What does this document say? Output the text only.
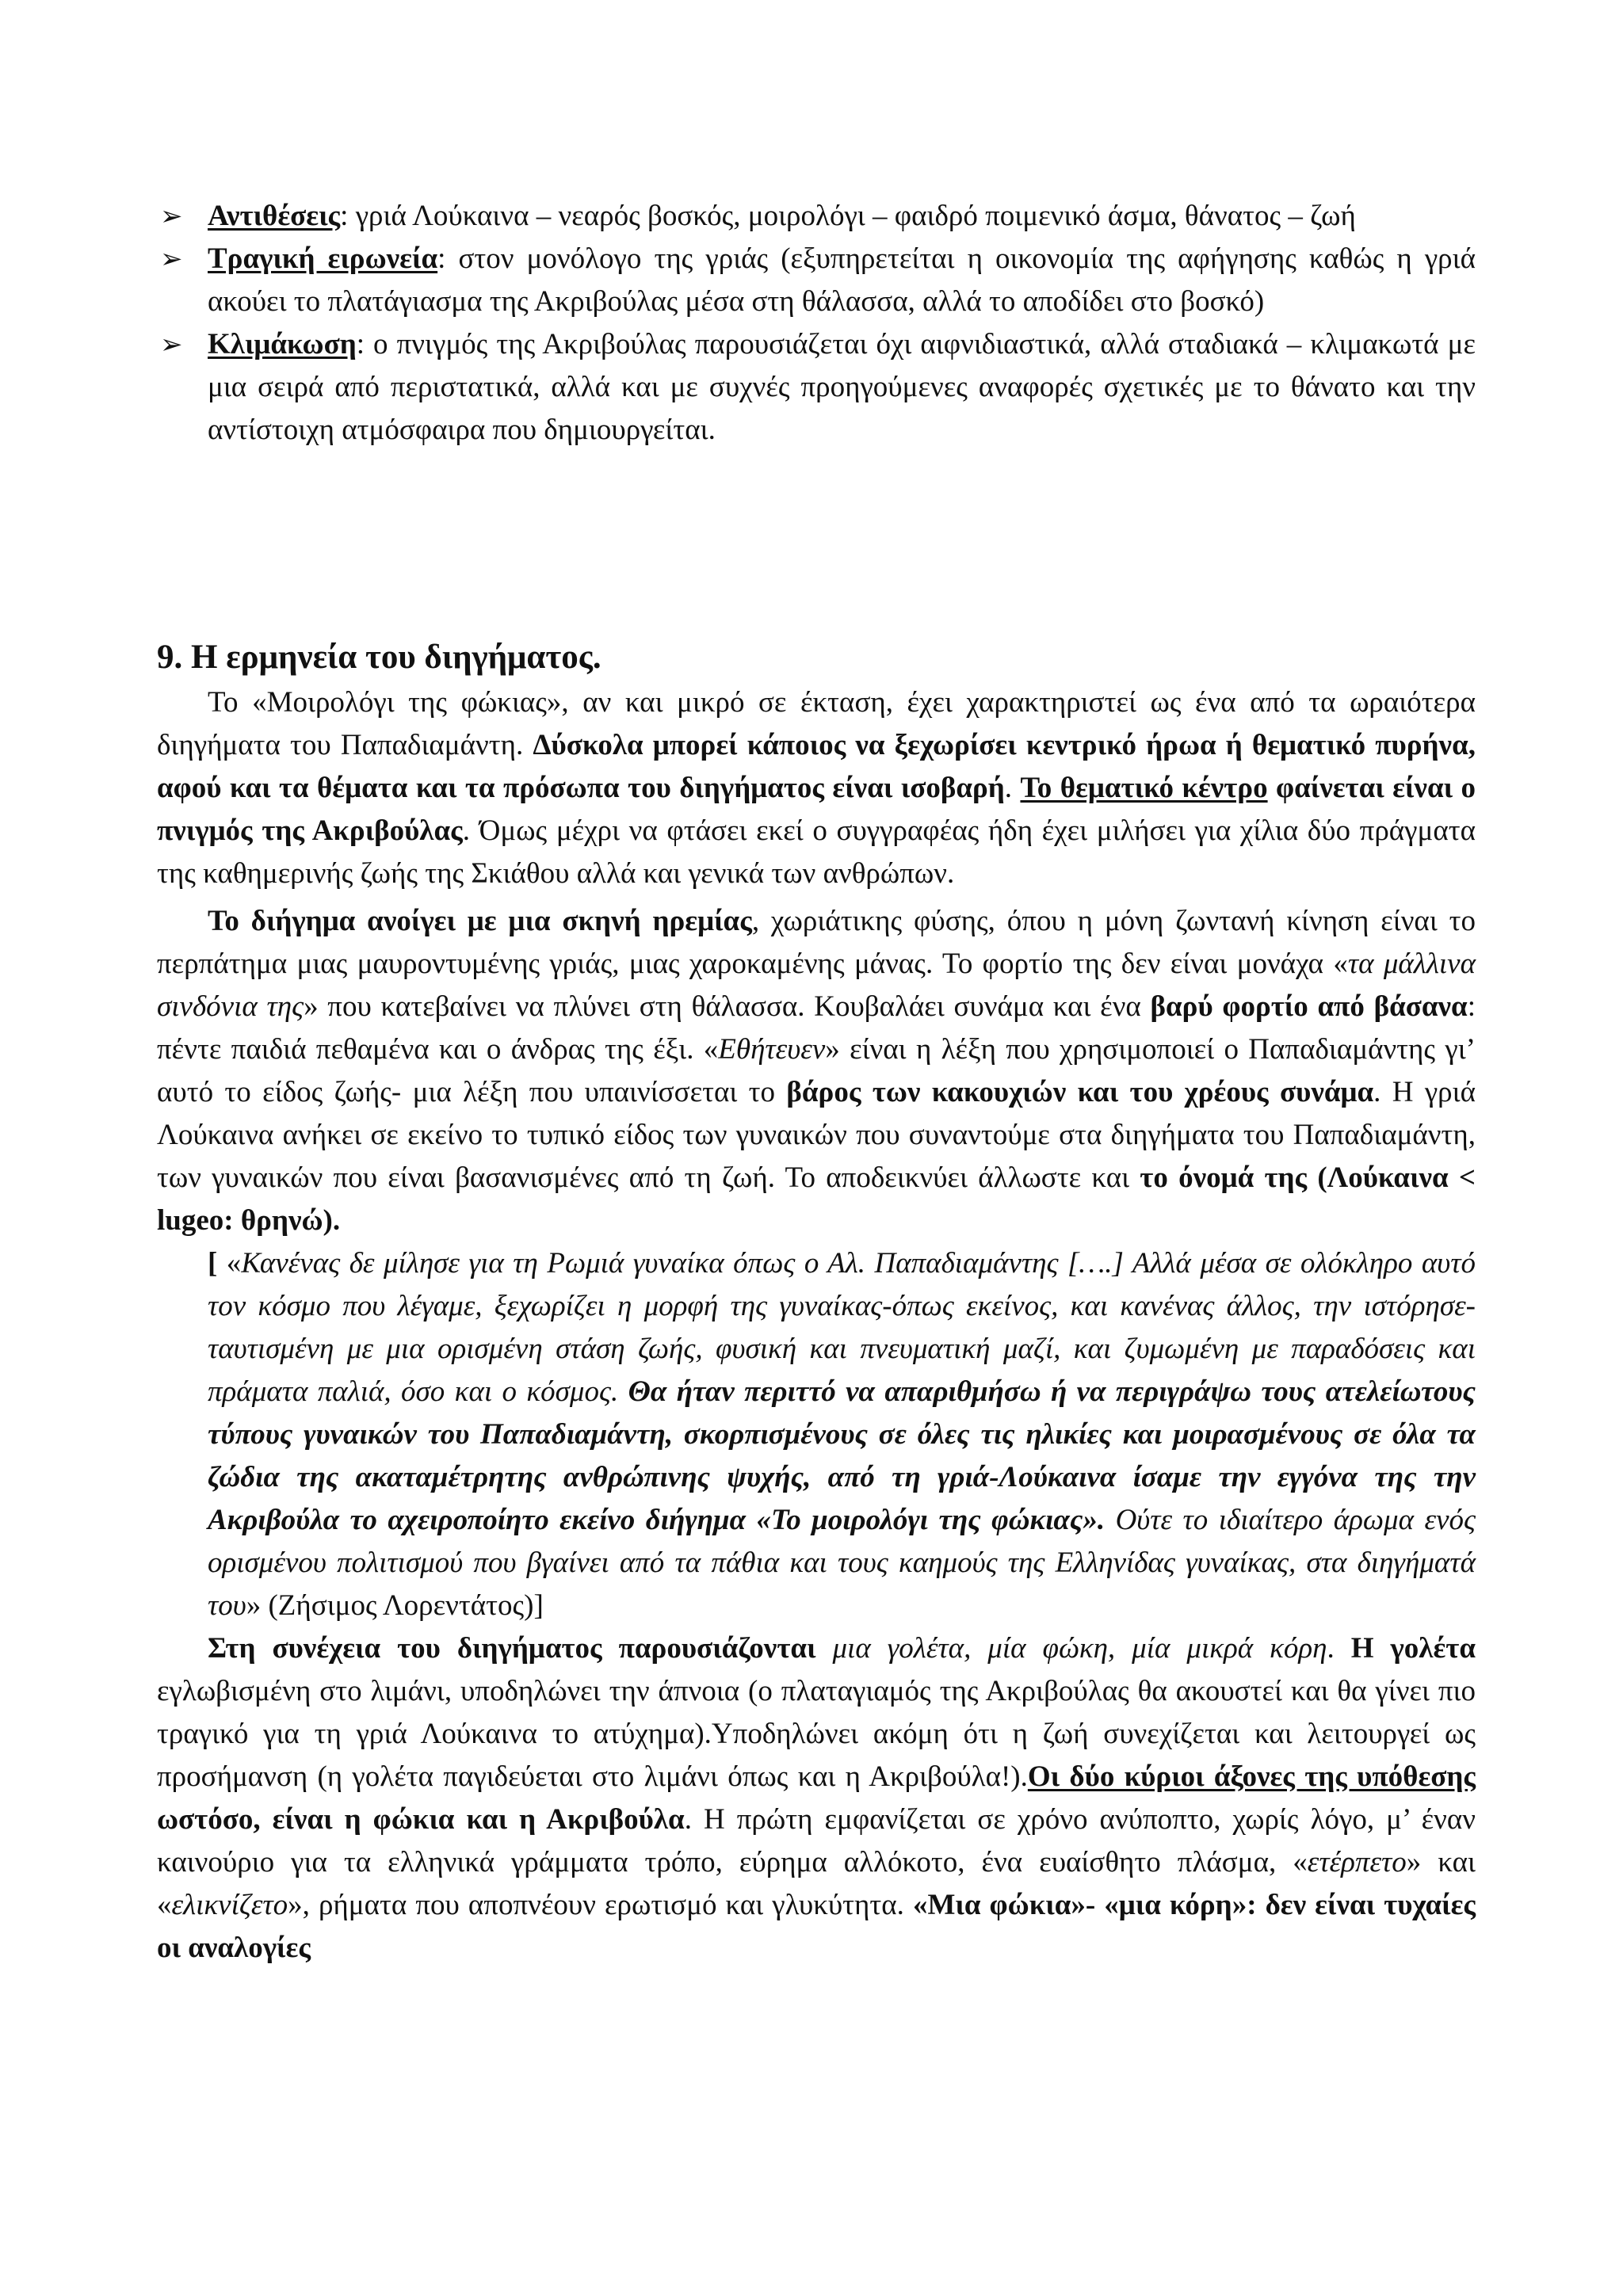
➢ Αντιθέσεις: γριά Λούκαινα – νεαρός βοσκός, μοιρολόγι – φαιδρό ποιμενικό άσμα, θάνατος – ζωή
➢ Τραγική ειρωνεία: στον μονόλογο της γριάς (εξυπηρετείται η οικονομία της αφήγησης καθώς η γριά ακούει το πλατάγιασμα της Ακριβούλας μέσα στη θάλασσα, αλλά το αποδίδει στο βοσκό)
➢ Κλιμάκωση: ο πνιγμός της Ακριβούλας παρουσιάζεται όχι αιφνιδιαστικά, αλλά σταδιακά – κλιμακωτά με μια σειρά από περιστατικά, αλλά και με συχνές προηγούμενες αναφορές σχετικές με το θάνατο και την αντίστοιχη ατμόσφαιρα που δημιουργείται.
9. Η ερμηνεία του διηγήματος.

Το «Μοιρολόγι της φώκιας», αν και μικρό σε έκταση, έχει χαρακτηριστεί ως ένα από τα ωραιότερα διηγήματα του Παπαδιαμάντη. Δύσκολα μπορεί κάποιος να ξεχωρίσει κεντρικό ήρωα ή θεματικό πυρήνα, αφού και τα θέματα και τα πρόσωπα του διηγήματος είναι ισοβαρή. Το θεματικό κέντρο φαίνεται είναι ο πνιγμός της Ακριβούλας. Όμως μέχρι να φτάσει εκεί ο συγγραφέας ήδη έχει μιλήσει για χίλια δύο πράγματα της καθημερινής ζωής της Σκιάθου αλλά και γενικά των ανθρώπων.

Το διήγημα ανοίγει με μια σκηνή ηρεμίας, χωριάτικης φύσης, όπου η μόνη ζωντανή κίνηση είναι το περπάτημα μιας μαυροντυμένης γριάς, μιας χαροκαμένης μάνας. Το φορτίο της δεν είναι μονάχα «τα μάλλινα σινδόνια της» που κατεβαίνει να πλύνει στη θάλασσα. Κουβαλάει συνάμα και ένα βαρύ φορτίο από βάσανα: πέντε παιδιά πεθαμένα και ο άνδρας της έξι. «Εθήτευεν» είναι η λέξη που χρησιμοποιεί ο Παπαδιαμάντης γι’ αυτό το είδος ζωής- μια λέξη που υπαινίσσεται το βάρος των κακουχιών και του χρέους συνάμα. Η γριά Λούκαινα ανήκει σε εκείνο το τυπικό είδος των γυναικών που συναντούμε στα διηγήματα του Παπαδιαμάντη, των γυναικών που είναι βασανισμένες από τη ζωή. Το αποδεικνύει άλλωστε και το όνομά της (Λούκαινα < lugeo: θρηνώ).

[ «Κανένας δε μίλησε για τη Ρωμιά γυναίκα όπως ο Αλ. Παπαδιαμάντης [….] Αλλά μέσα σε ολόκληρο αυτό τον κόσμο που λέγαμε, ξεχωρίζει η μορφή της γυναίκας-όπως εκείνος, και κανένας άλλος, την ιστόρησε-ταυτισμένη με μια ορισμένη στάση ζωής, φυσική και πνευματική μαζί, και ζυμωμένη με παραδόσεις και πράματα παλιά, όσο και ο κόσμος. Θα ήταν περιττό να απαριθμήσω ή να περιγράψω τους ατελείωτους τύπους γυναικών του Παπαδιαμάντη, σκορπισμένους σε όλες τις ηλικίες και μοιρασμένους σε όλα τα ζώδια της ακαταμέτρητης ανθρώπινης ψυχής, από τη γριά-Λούκαινα ίσαμε την εγγόνα της την Ακριβούλα το αχειροποίητο εκείνο διήγημα «Το μοιρολόγι της φώκιας». Ούτε το ιδιαίτερο άρωμα ενός ορισμένου πολιτισμού που βγαίνει από τα πάθια και τους καημούς της Ελληνίδας γυναίκας, στα διηγήματά του» (Ζήσιμος Λορεντάτος)]

Στη συνέχεια του διηγήματος παρουσιάζονται μια γολέτα, μία φώκη, μία μικρά κόρη. Η γολέτα εγλωβισμένη στο λιμάνι, υποδηλώνει την άπνοια (ο πλαταγιαμός της Ακριβούλας θα ακουστεί και θα γίνει πιο τραγικό για τη γριά Λούκαινα το ατύχημα).Υποδηλώνει ακόμη ότι η ζωή συνεχίζεται και λειτουργεί ως προσήμανση (η γολέτα παγιδεύεται στο λιμάνι όπως και η Ακριβούλα!).Οι δύο κύριοι άξονες της υπόθεσης ωστόσο, είναι η φώκια και η Ακριβούλα. Η πρώτη εμφανίζεται σε χρόνο ανύποπτο, χωρίς λόγο, μ’ έναν καινούριο για τα ελληνικά γράμματα τρόπο, εύρημα αλλόκοτο, ένα ευαίσθητο πλάσμα, «ετέρπετο» και «ελικνίζετο», ρήματα που αποπνέουν ερωτισμό και γλυκύτητα. «Μια φώκια»- «μια κόρη»: δεν είναι τυχαίες οι αναλογίες
